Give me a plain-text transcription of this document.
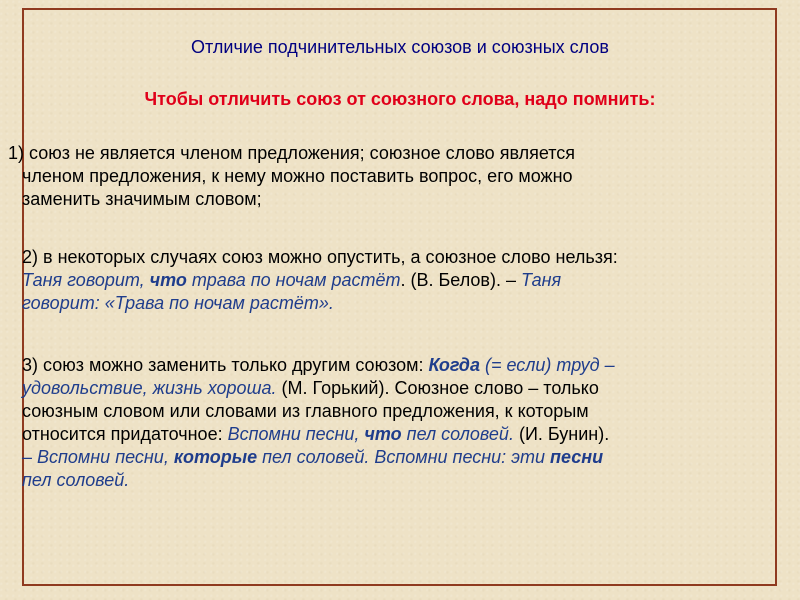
Отличие подчинительных союзов и союзных слов
Чтобы отличить союз от союзного слова, надо помнить:

1) союз не является членом предложения; союзное слово является
членом предложения, к нему можно поставить вопрос, его можно
заменить значимым словом;

2) в некоторых случаях союз можно опустить, а союзное слово нельзя:
Таня говорит, что трава по ночам растёт. (В. Белов). – Таня
говорит: «Трава по ночам растёт».

3) союз можно заменить только другим союзом: Когда (= если) труд –
удовольствие, жизнь хороша. (М. Горький). Союзное слово – только
союзным словом или словами из главного предложения, к которым
относится придаточное: Вспомни песни, что пел соловей. (И. Бунин).
– Вспомни песни, которые пел соловей. Вспомни песни: эти песни
пел соловей.
